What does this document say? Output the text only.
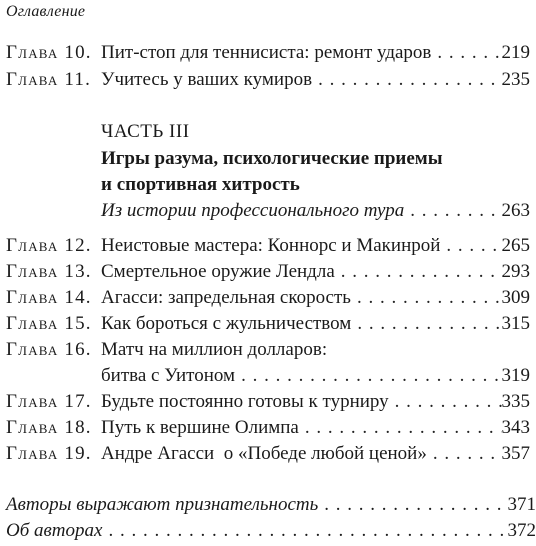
Оглавление
Глава 10. Пит-стоп для теннисиста: ремонт ударов . . .	219
Глава 11. Учитесь у ваших кумиров . . .	235
ЧАСТЬ III
Игры разума, психологические приемы
и спортивная хитрость
Из истории профессионального тура . . .	263
Глава 12. Неистовые мастера: Коннорс и Макинрой . . .	265
Глава 13. Смертельное оружие Лендла . . .	293
Глава 14. Агасси: запредельная скорость . . .	309
Глава 15. Как бороться с жульничеством . . .	315
Глава 16. Матч на миллион долларов:
битва с Уитоном . . .	319
Глава 17. Будьте постоянно готовы к турниру . . .	335
Глава 18. Путь к вершине Олимпа . . .	343
Глава 19. Андре Агасси  о «Победе любой ценой» . . .	357
Авторы выражают признательность . . .	371
Об авторах . . .	372
